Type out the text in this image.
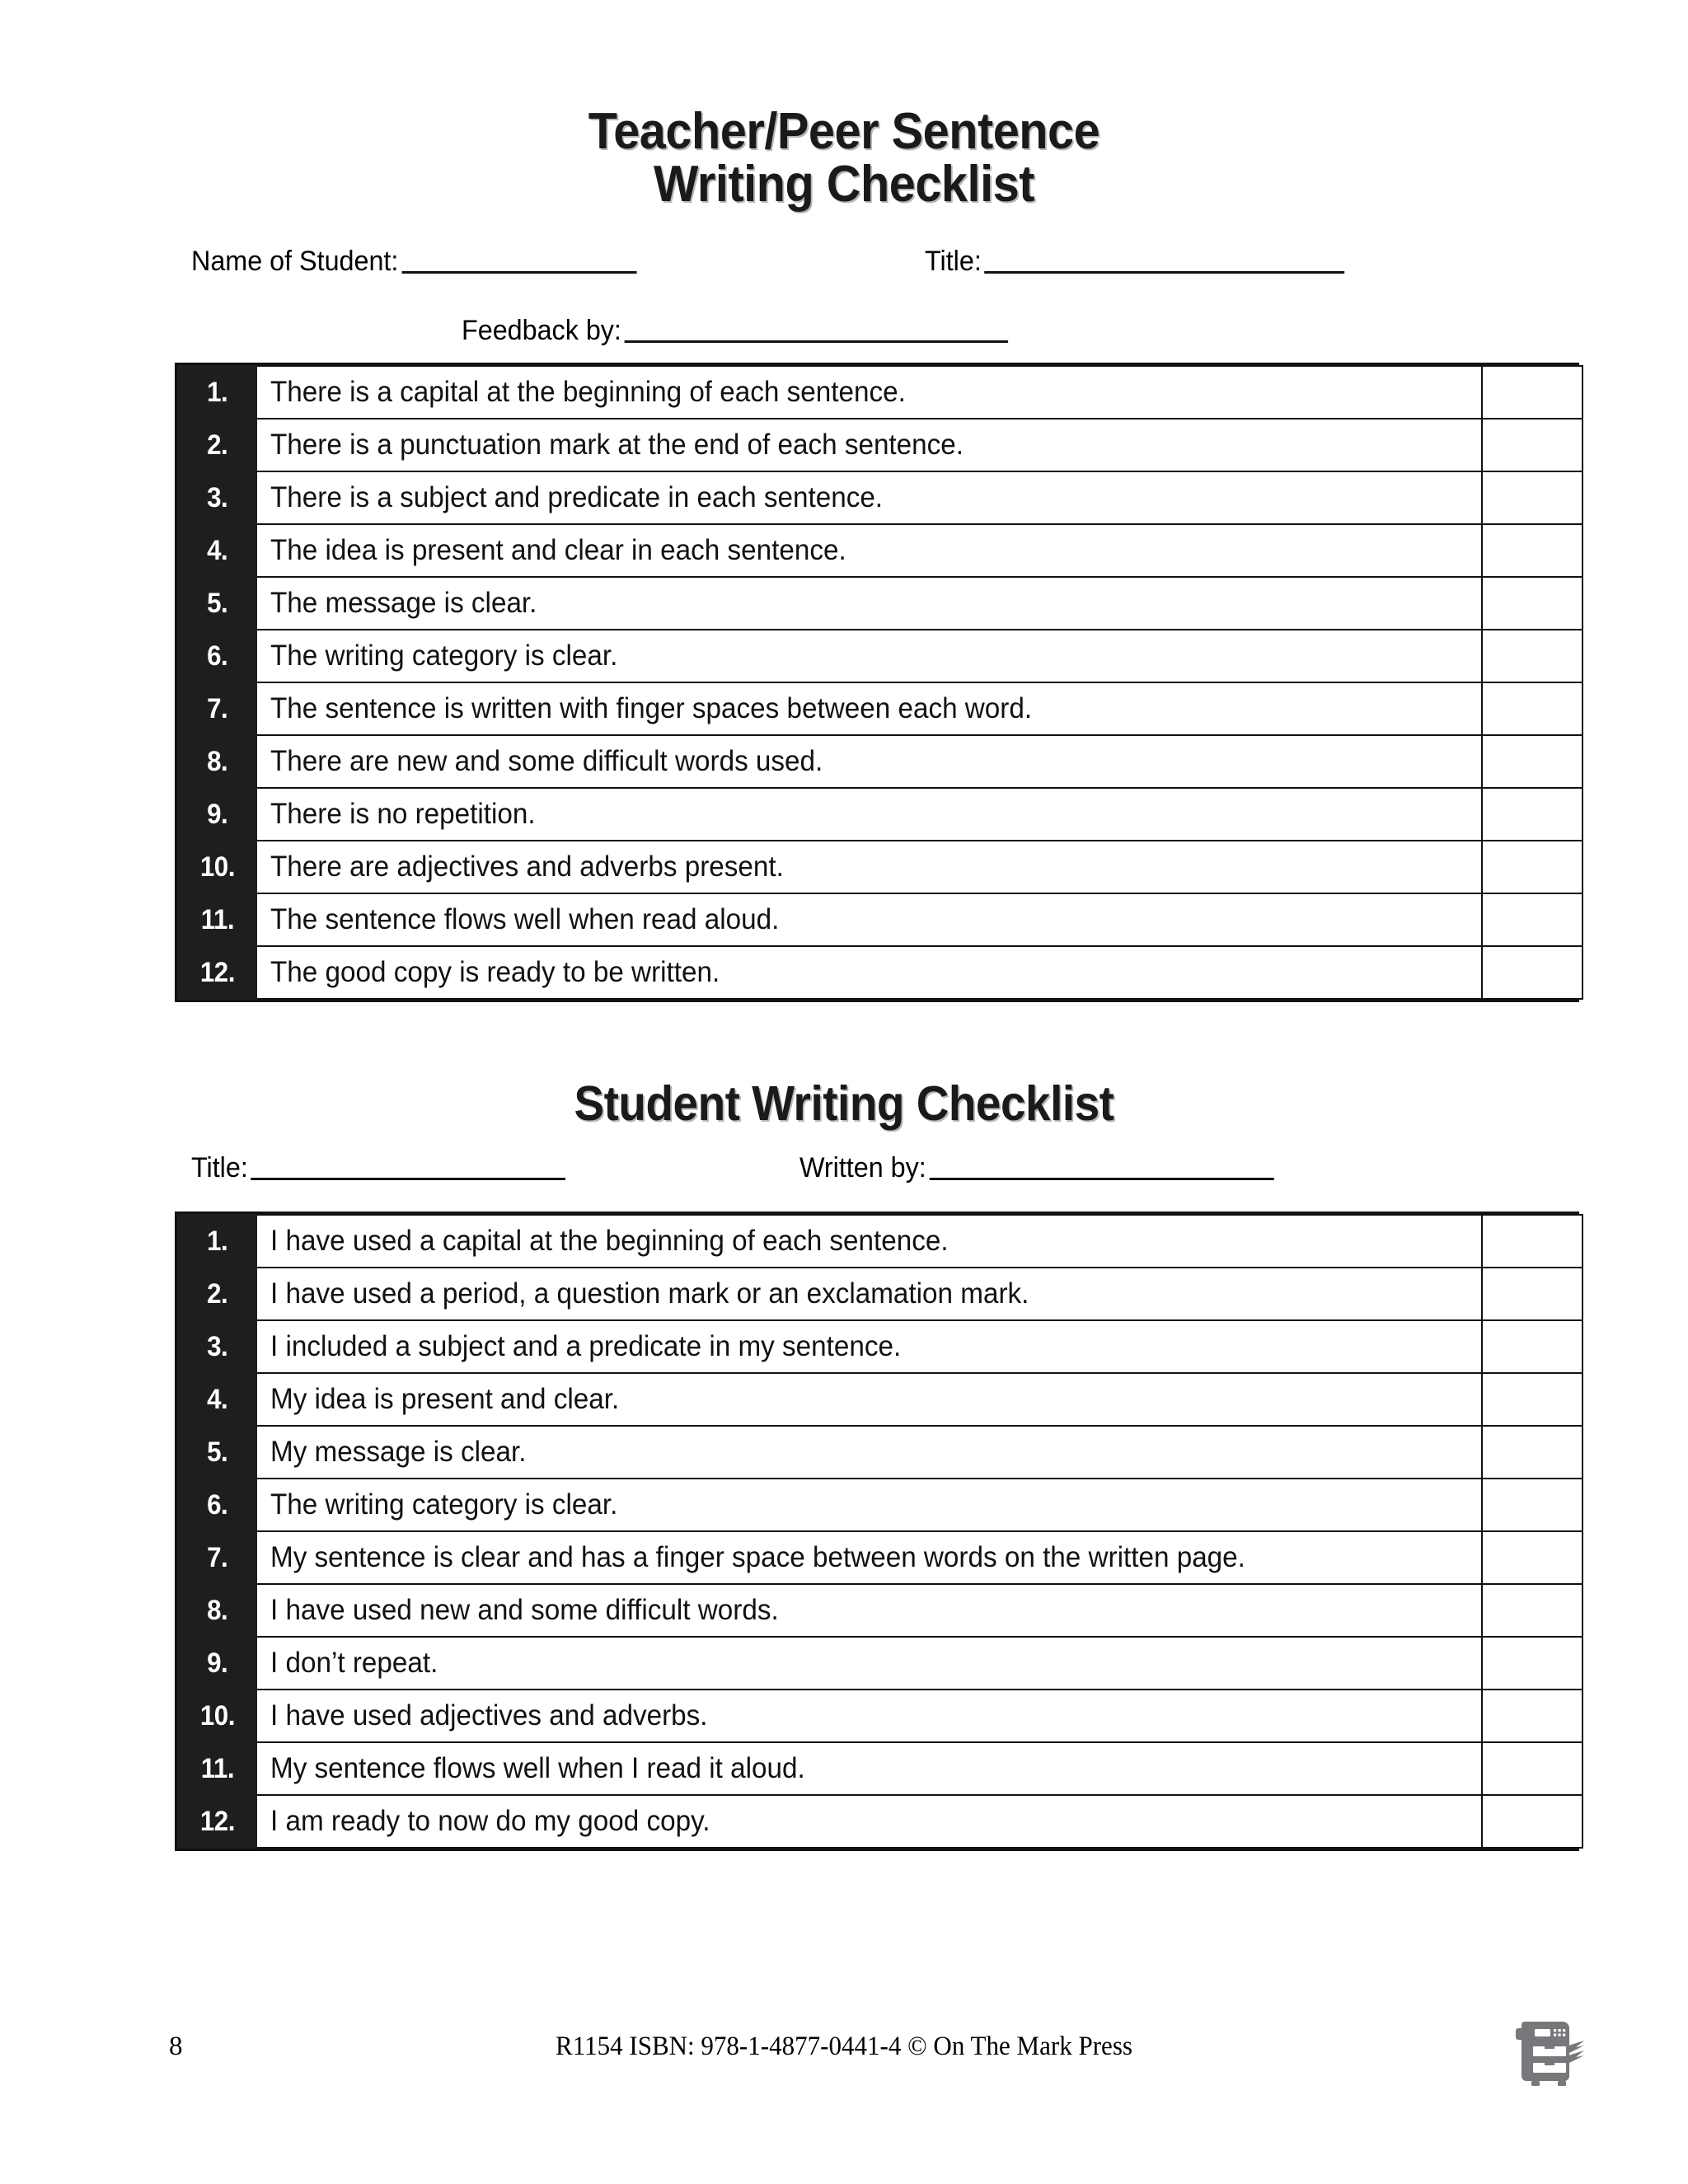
Teacher/Peer Sentence
Writing Checklist
Name of Student:	Title:
Feedback by:
1.	There is a capital at the beginning of each sentence.	
2.	There is a punctuation mark at the end of each sentence.	
3.	There is a subject and predicate in each sentence.	
4.	The idea is present and clear in each sentence.	
5.	The message is clear.	
6.	The writing category is clear.	
7.	The sentence is written with finger spaces between each word.	
8.	There are new and some difficult words used.	
9.	There is no repetition.	
10.	There are adjectives and adverbs present.	
11.	The sentence flows well when read aloud.	
12.	The good copy is ready to be written.	
Student Writing Checklist
Title:	Written by:
1.	I have used a capital at the beginning of each sentence.	
2.	I have used a period, a question mark or an exclamation mark.	
3.	I included a subject and a predicate in my sentence.	
4.	My idea is present and clear.	
5.	My message is clear.	
6.	The writing category is clear.	
7.	My sentence is clear and has a finger space between words on the written page.	
8.	I have used new and some difficult words.	
9.	I don’t repeat.	
10.	I have used adjectives and adverbs.	
11.	My sentence flows well when I read it aloud.	
12.	I am ready to now do my good copy.	
8	R1154 ISBN: 978-1-4877-0441-4 © On The Mark Press
